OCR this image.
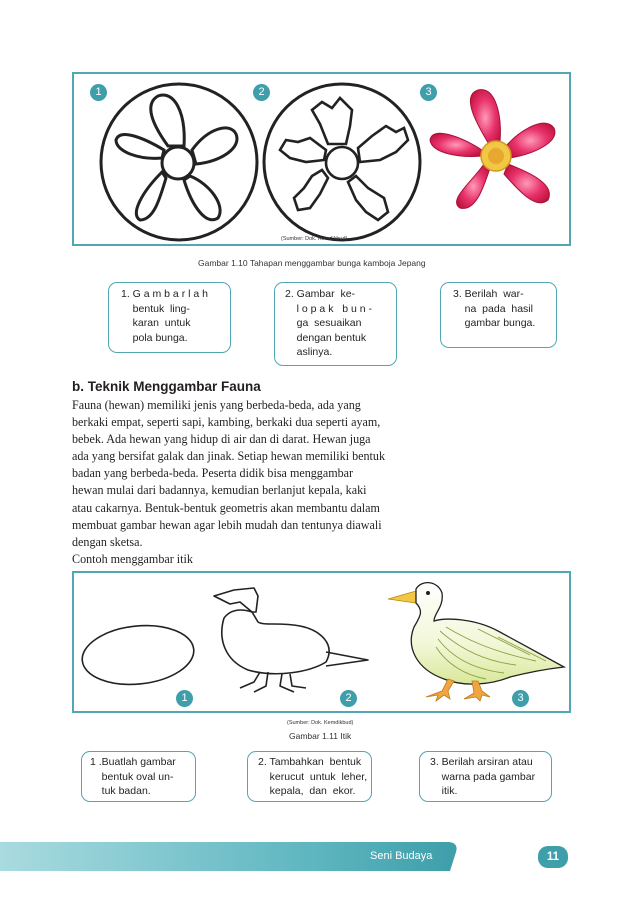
1	2	3
(Sumber: Dok. Kemdikbud)
Gambar 1.10 Tahapan menggambar bunga kamboja Jepang
1. G a m b a r l a h
bentuk  ling-
karan  untuk
pola bunga.
2. Gambar  ke-
l o p a k   b u n -
ga  sesuaikan
dengan bentuk
aslinya.
3. Berilah  war-
na  pada  hasil
gambar bunga.
b. Teknik Menggambar Fauna
Fauna (hewan) memiliki jenis yang berbeda-beda, ada yang
berkaki empat, seperti sapi, kambing, berkaki dua seperti ayam,
bebek. Ada hewan yang hidup di air dan di darat. Hewan juga
ada yang bersifat galak dan jinak. Setiap hewan memiliki bentuk
badan yang berbeda-beda. Peserta didik bisa menggambar
hewan mulai dari badannya, kemudian berlanjut kepala, kaki
atau cakarnya. Bentuk-bentuk geometris akan membantu dalam
membuat gambar hewan agar lebih mudah dan tentunya diawali
dengan sketsa.
Contoh menggambar itik
1	2	3
(Sumber: Dok. Kemdikbud)
Gambar 1.11 Itik
1 .Buatlah gambar
bentuk oval un-
tuk badan.
2. Tambahkan  bentuk
kerucut  untuk  leher,
kepala,  dan  ekor.
3. Berilah arsiran atau
warna pada gambar
itik.
Seni Budaya	11
